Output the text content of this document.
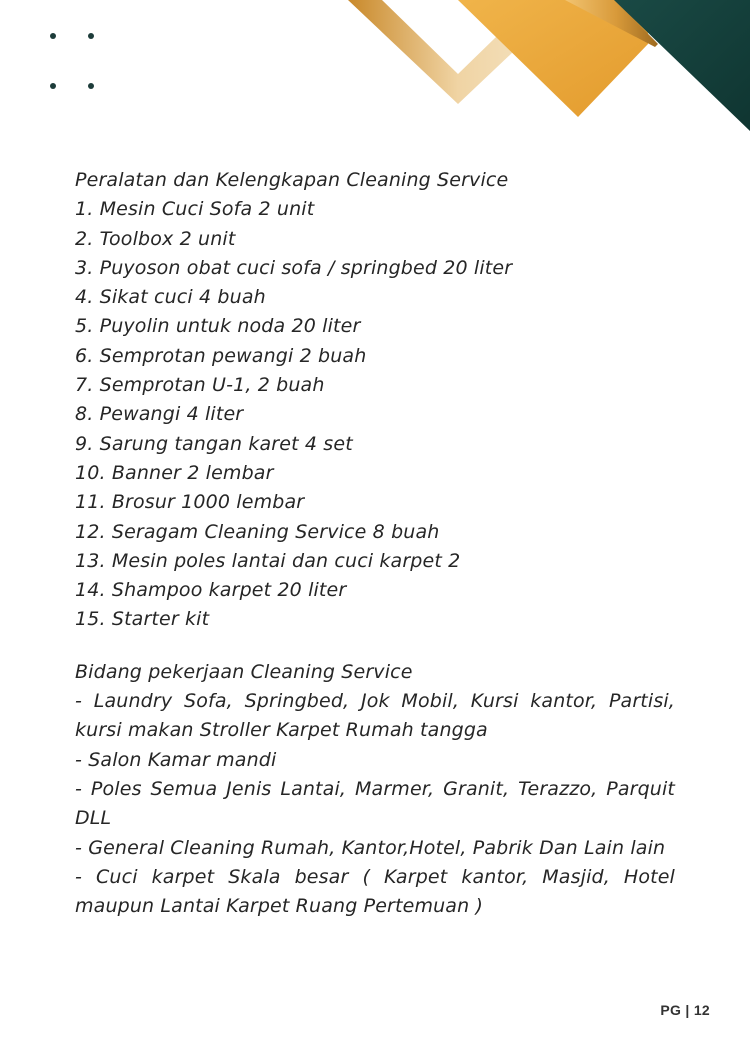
Peralatan dan Kelengkapan Cleaning Service

1. Mesin Cuci Sofa 2 unit

2. Toolbox 2 unit

3. Puyoson obat cuci sofa / springbed 20 liter

4. Sikat cuci 4 buah

5. Puyolin untuk noda 20 liter

6. Semprotan pewangi 2 buah

7. Semprotan U-1, 2 buah

8. Pewangi 4 liter

9. Sarung tangan karet 4 set

10. Banner 2 lembar

11. Brosur 1000 lembar

12. Seragam Cleaning Service 8 buah

13. Mesin poles lantai dan cuci karpet 2

14. Shampoo karpet 20 liter

15. Starter kit

Bidang pekerjaan Cleaning Service

- Laundry Sofa, Springbed, Jok Mobil, Kursi kantor, Partisi, kursi makan Stroller Karpet Rumah tangga

- Salon Kamar mandi

- Poles Semua Jenis Lantai, Marmer, Granit, Terazzo, Parquit DLL

- General Cleaning Rumah, Kantor,Hotel, Pabrik Dan Lain lain

- Cuci karpet Skala besar ( Karpet kantor, Masjid, Hotel maupun Lantai Karpet Ruang Pertemuan )

PG | 12
